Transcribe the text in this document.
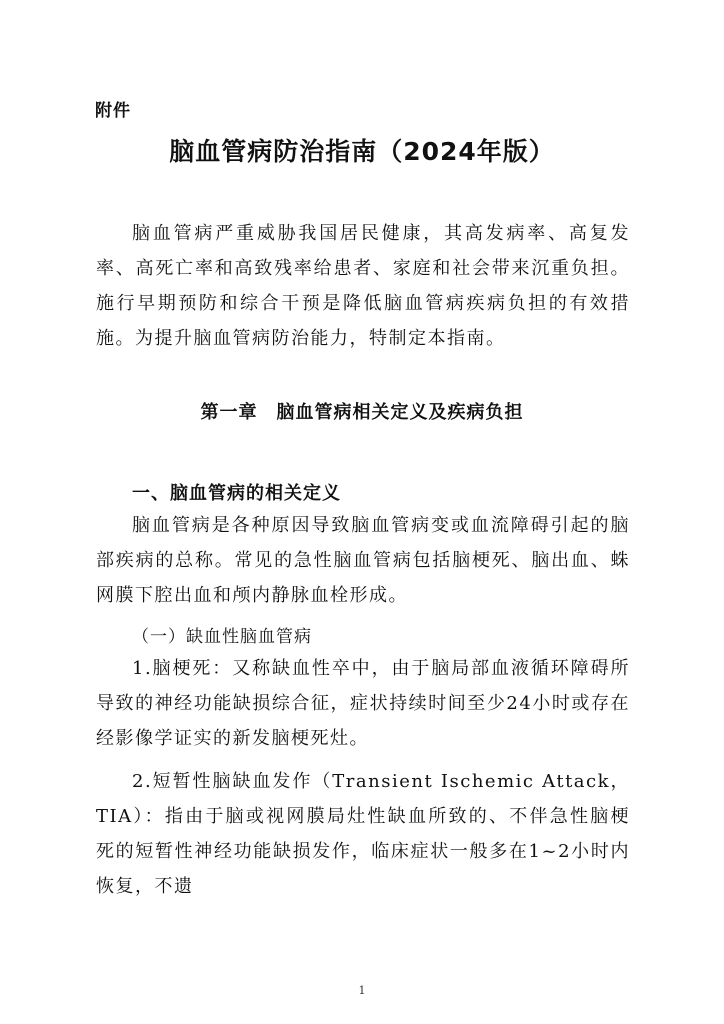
附件
脑血管病防治指南（2024年版）

脑血管病严重威胁我国居民健康，其高发病率、高复发率、高死亡率和高致残率给患者、家庭和社会带来沉重负担。施行早期预防和综合干预是降低脑血管病疾病负担的有效措施。为提升脑血管病防治能力，特制定本指南。

第一章　脑血管病相关定义及疾病负担
一、脑血管病的相关定义

脑血管病是各种原因导致脑血管病变或血流障碍引起的脑部疾病的总称。常见的急性脑血管病包括脑梗死、脑出血、蛛网膜下腔出血和颅内静脉血栓形成。

（一）缺血性脑血管病

1.脑梗死：又称缺血性卒中，由于脑局部血液循环障碍所导致的神经功能缺损综合征，症状持续时间至少24小时或存在经影像学证实的新发脑梗死灶。

2.短暂性脑缺血发作（Transient Ischemic Attack，TIA）：指由于脑或视网膜局灶性缺血所致的、不伴急性脑梗死的短暂性神经功能缺损发作，临床症状一般多在1~2小时内恢复，不遗

1
